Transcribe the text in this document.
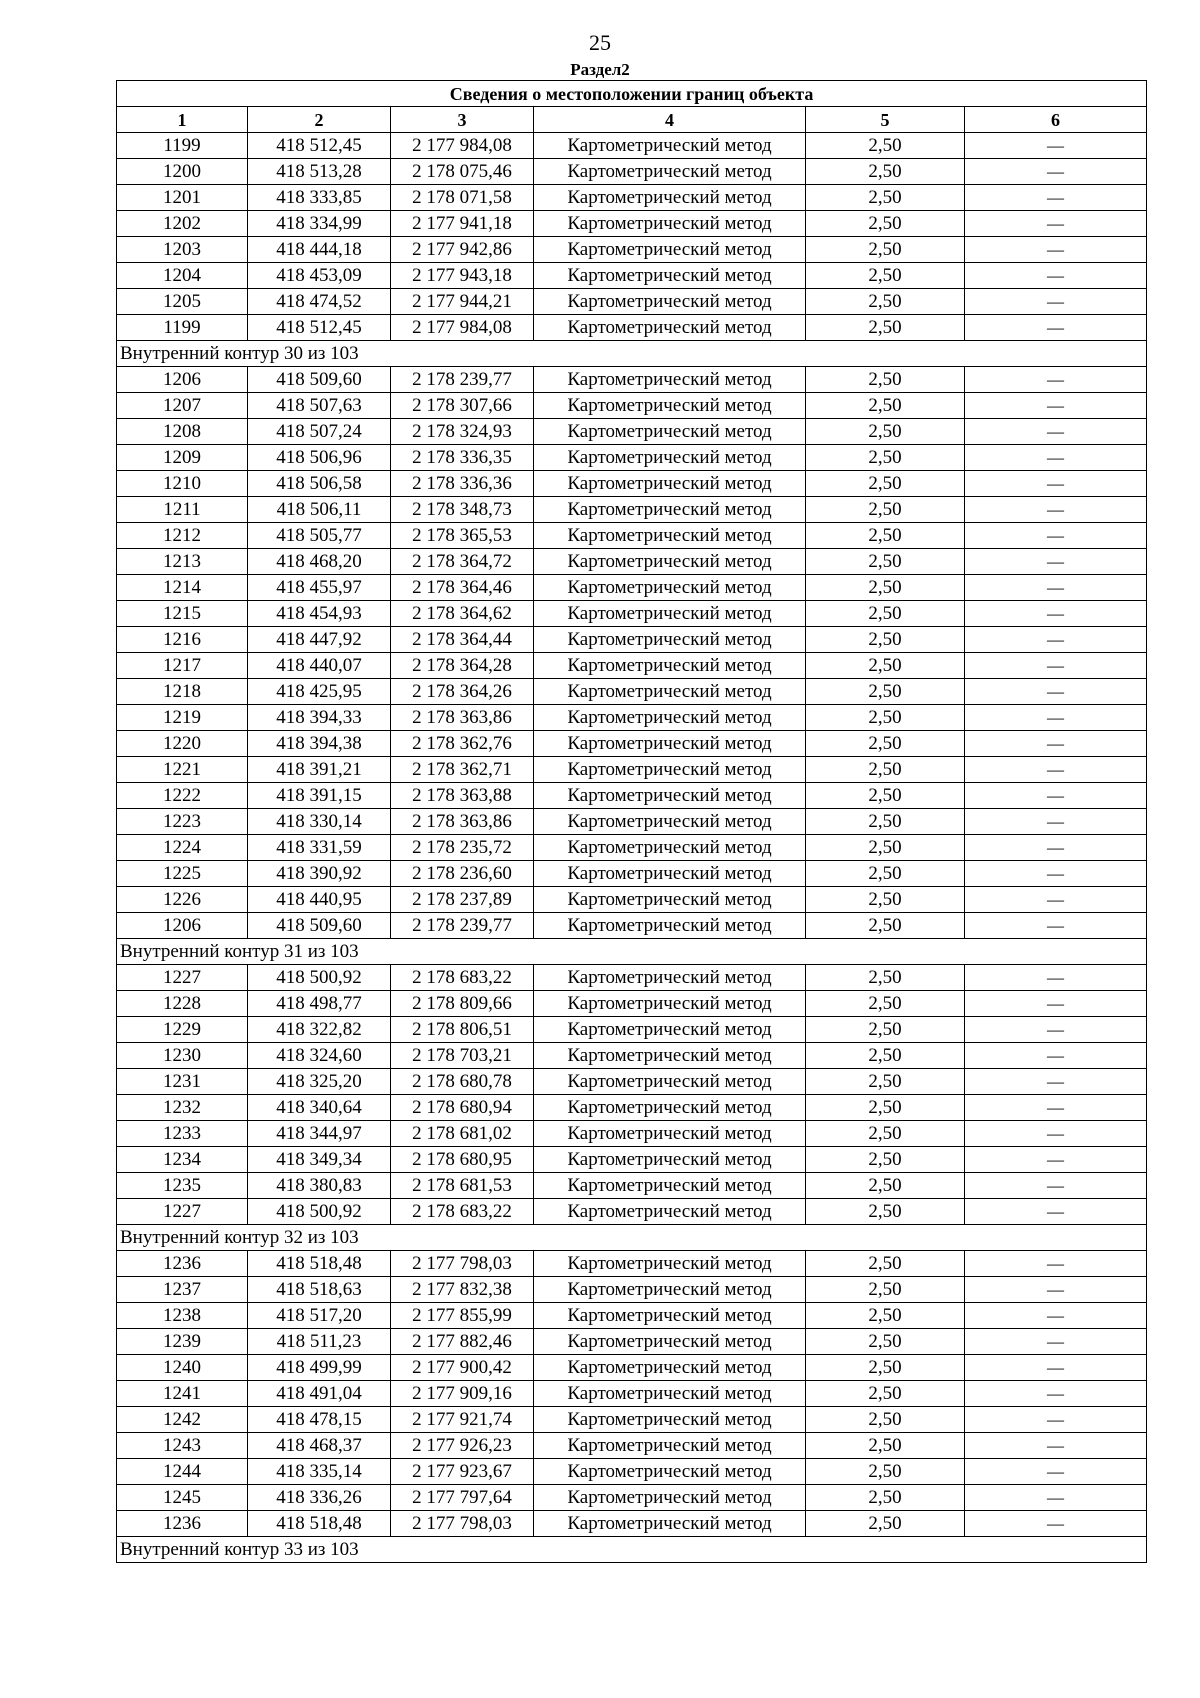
25
Раздел2
Сведения о местоположении границ объекта					
1	2	3	4	5	6
1199	418 512,45	2 177 984,08	Картометрический метод	2,50	—
1200	418 513,28	2 178 075,46	Картометрический метод	2,50	—
1201	418 333,85	2 178 071,58	Картометрический метод	2,50	—
1202	418 334,99	2 177 941,18	Картометрический метод	2,50	—
1203	418 444,18	2 177 942,86	Картометрический метод	2,50	—
1204	418 453,09	2 177 943,18	Картометрический метод	2,50	—
1205	418 474,52	2 177 944,21	Картометрический метод	2,50	—
1199	418 512,45	2 177 984,08	Картометрический метод	2,50	—
Внутренний контур 30 из 103					
1206	418 509,60	2 178 239,77	Картометрический метод	2,50	—
1207	418 507,63	2 178 307,66	Картометрический метод	2,50	—
1208	418 507,24	2 178 324,93	Картометрический метод	2,50	—
1209	418 506,96	2 178 336,35	Картометрический метод	2,50	—
1210	418 506,58	2 178 336,36	Картометрический метод	2,50	—
1211	418 506,11	2 178 348,73	Картометрический метод	2,50	—
1212	418 505,77	2 178 365,53	Картометрический метод	2,50	—
1213	418 468,20	2 178 364,72	Картометрический метод	2,50	—
1214	418 455,97	2 178 364,46	Картометрический метод	2,50	—
1215	418 454,93	2 178 364,62	Картометрический метод	2,50	—
1216	418 447,92	2 178 364,44	Картометрический метод	2,50	—
1217	418 440,07	2 178 364,28	Картометрический метод	2,50	—
1218	418 425,95	2 178 364,26	Картометрический метод	2,50	—
1219	418 394,33	2 178 363,86	Картометрический метод	2,50	—
1220	418 394,38	2 178 362,76	Картометрический метод	2,50	—
1221	418 391,21	2 178 362,71	Картометрический метод	2,50	—
1222	418 391,15	2 178 363,88	Картометрический метод	2,50	—
1223	418 330,14	2 178 363,86	Картометрический метод	2,50	—
1224	418 331,59	2 178 235,72	Картометрический метод	2,50	—
1225	418 390,92	2 178 236,60	Картометрический метод	2,50	—
1226	418 440,95	2 178 237,89	Картометрический метод	2,50	—
1206	418 509,60	2 178 239,77	Картометрический метод	2,50	—
Внутренний контур 31 из 103					
1227	418 500,92	2 178 683,22	Картометрический метод	2,50	—
1228	418 498,77	2 178 809,66	Картометрический метод	2,50	—
1229	418 322,82	2 178 806,51	Картометрический метод	2,50	—
1230	418 324,60	2 178 703,21	Картометрический метод	2,50	—
1231	418 325,20	2 178 680,78	Картометрический метод	2,50	—
1232	418 340,64	2 178 680,94	Картометрический метод	2,50	—
1233	418 344,97	2 178 681,02	Картометрический метод	2,50	—
1234	418 349,34	2 178 680,95	Картометрический метод	2,50	—
1235	418 380,83	2 178 681,53	Картометрический метод	2,50	—
1227	418 500,92	2 178 683,22	Картометрический метод	2,50	—
Внутренний контур 32 из 103					
1236	418 518,48	2 177 798,03	Картометрический метод	2,50	—
1237	418 518,63	2 177 832,38	Картометрический метод	2,50	—
1238	418 517,20	2 177 855,99	Картометрический метод	2,50	—
1239	418 511,23	2 177 882,46	Картометрический метод	2,50	—
1240	418 499,99	2 177 900,42	Картометрический метод	2,50	—
1241	418 491,04	2 177 909,16	Картометрический метод	2,50	—
1242	418 478,15	2 177 921,74	Картометрический метод	2,50	—
1243	418 468,37	2 177 926,23	Картометрический метод	2,50	—
1244	418 335,14	2 177 923,67	Картометрический метод	2,50	—
1245	418 336,26	2 177 797,64	Картометрический метод	2,50	—
1236	418 518,48	2 177 798,03	Картометрический метод	2,50	—
Внутренний контур 33 из 103					
